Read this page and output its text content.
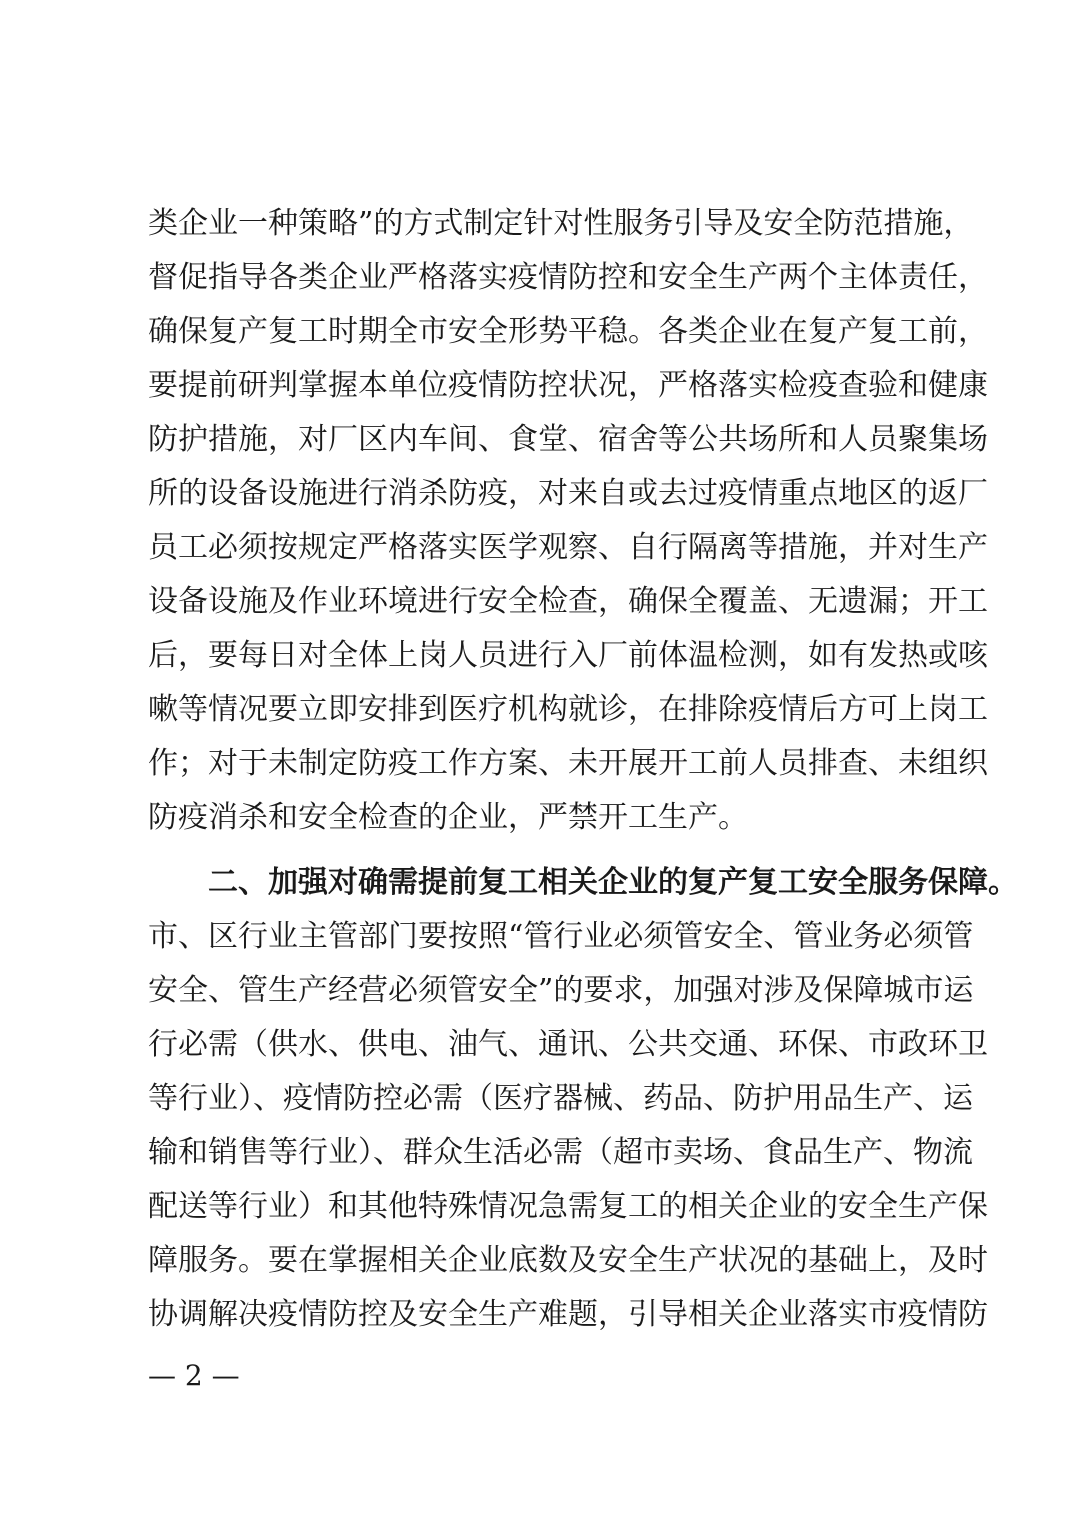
类企业一种策略”的方式制定针对性服务引导及安全防范措施，
督促指导各类企业严格落实疫情防控和安全生产两个主体责任，
确保复产复工时期全市安全形势平稳。各类企业在复产复工前，
要提前研判掌握本单位疫情防控状况，严格落实检疫查验和健康
防护措施，对厂区内车间、食堂、宿舍等公共场所和人员聚集场
所的设备设施进行消杀防疫，对来自或去过疫情重点地区的返厂
员工必须按规定严格落实医学观察、自行隔离等措施，并对生产
设备设施及作业环境进行安全检查，确保全覆盖、无遗漏；开工
后，要每日对全体上岗人员进行入厂前体温检测，如有发热或咳
嗽等情况要立即安排到医疗机构就诊，在排除疫情后方可上岗工
作；对于未制定防疫工作方案、未开展开工前人员排查、未组织
防疫消杀和安全检查的企业，严禁开工生产。
二、加强对确需提前复工相关企业的复产复工安全服务保障。
市、区行业主管部门要按照“管行业必须管安全、管业务必须管
安全、管生产经营必须管安全”的要求，加强对涉及保障城市运
行必需（供水、供电、油气、通讯、公共交通、环保、市政环卫
等行业）、疫情防控必需（医疗器械、药品、防护用品生产、运
输和销售等行业）、群众生活必需（超市卖场、食品生产、物流
配送等行业）和其他特殊情况急需复工的相关企业的安全生产保
障服务。要在掌握相关企业底数及安全生产状况的基础上，及时
协调解决疫情防控及安全生产难题，引导相关企业落实市疫情防
— 2 —
